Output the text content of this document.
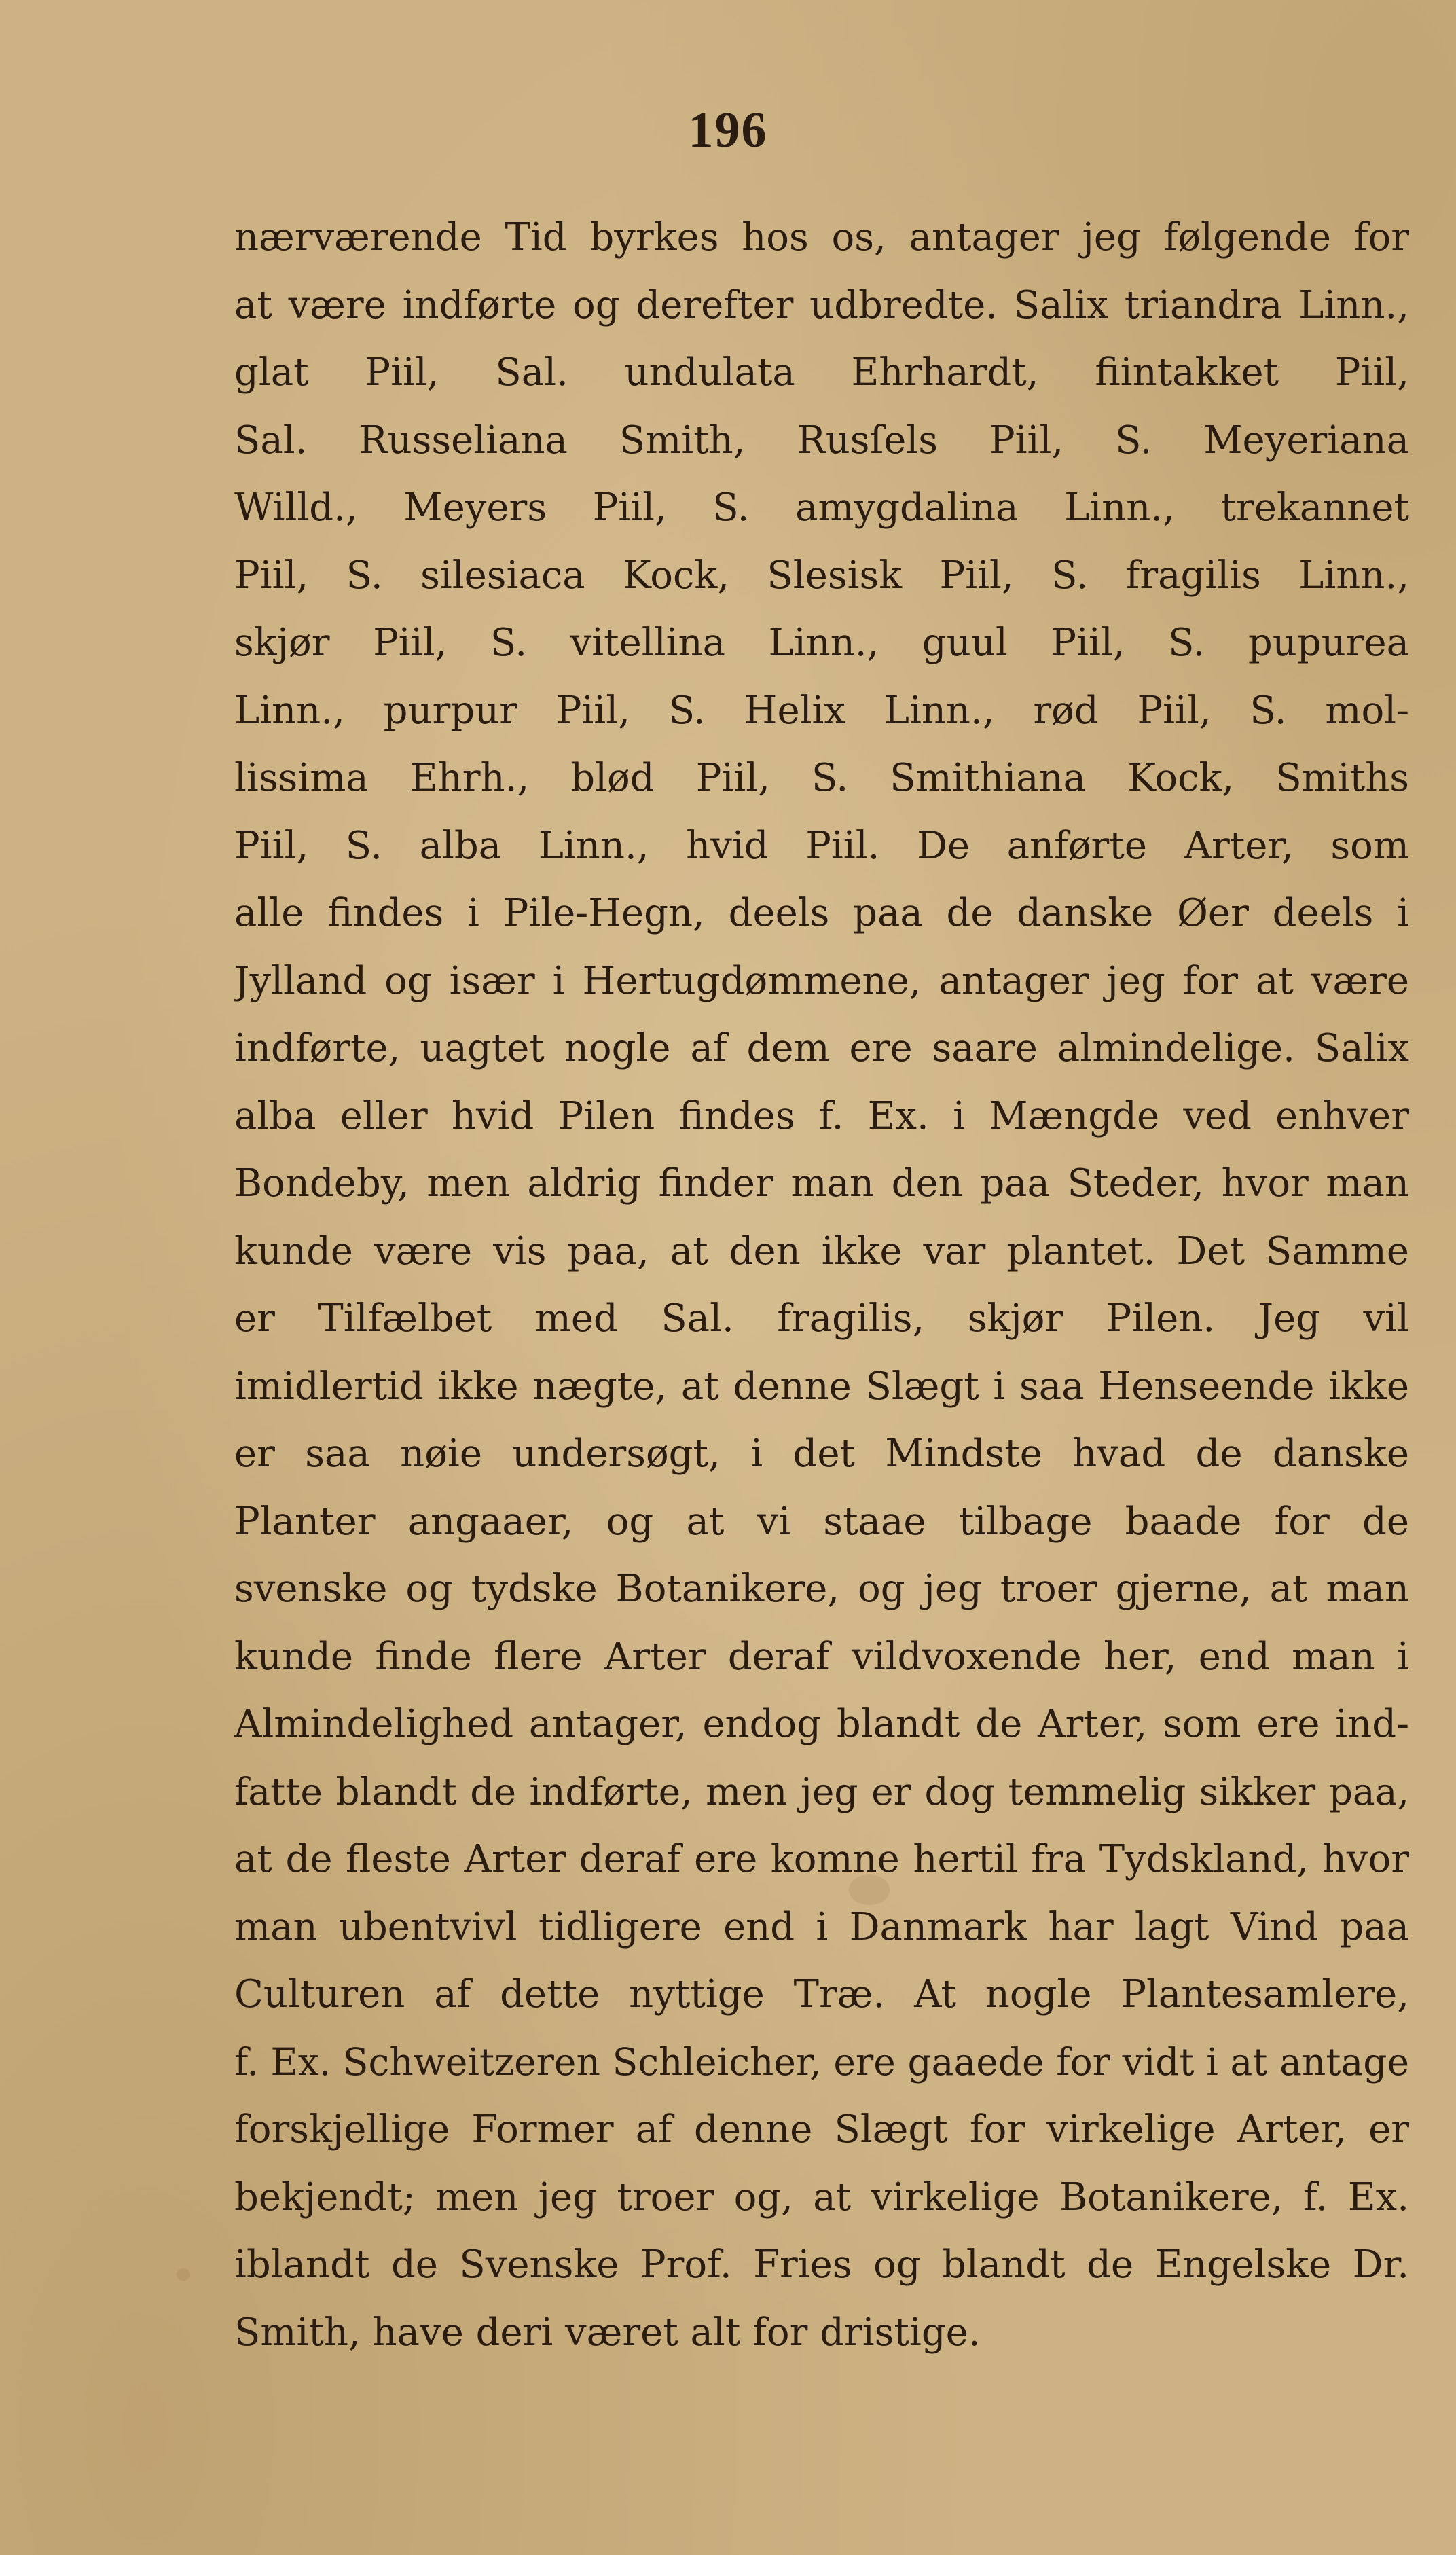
196
nærværende Tid byrkes hos os, antager jeg følgende for
at være indførte og derefter udbredte. Salix triandra Linn.,
glat Piil, Sal. undulata Ehrhardt, fiintakket Piil,
Sal. Russeliana Smith, Rusſels Piil, S. Meyeriana
Willd., Meyers Piil, S. amygdalina Linn., trekannet
Piil, S. silesiaca Kock, Slesisk Piil, S. fragilis Linn.,
skjør Piil, S. vitellina Linn., guul Piil, S. pupurea
Linn., purpur Piil, S. Helix Linn., rød Piil, S. mol-
lissima Ehrh., blød Piil, S. Smithiana Kock, Smiths
Piil, S. alba Linn., hvid Piil. De anførte Arter, som
alle findes i Pile-Hegn, deels paa de danske Øer deels i
Jylland og især i Hertugdømmene, antager jeg for at være
indførte, uagtet nogle af dem ere saare almindelige. Salix
alba eller hvid Pilen findes f. Ex. i Mængde ved enhver
Bondeby, men aldrig finder man den paa Steder, hvor man
kunde være vis paa, at den ikke var plantet. Det Samme
er Tilfælbet med Sal. fragilis, skjør Pilen. Jeg vil
imidlertid ikke nægte, at denne Slægt i saa Henseende ikke
er saa nøie undersøgt, i det Mindste hvad de danske
Planter angaaer, og at vi staae tilbage baade for de
svenske og tydske Botanikere, og jeg troer gjerne, at man
kunde finde flere Arter deraf vildvoxende her, end man i
Almindelighed antager, endog blandt de Arter, som ere ind-
fatte blandt de indførte, men jeg er dog temmelig sikker paa,
at de fleste Arter deraf ere komne hertil fra Tydskland, hvor
man ubentvivl tidligere end i Danmark har lagt Vind paa
Culturen af dette nyttige Træ. At nogle Plantesamlere,
f. Ex. Schweitzeren Schleicher, ere gaaede for vidt i at antage
forskjellige Former af denne Slægt for virkelige Arter, er
bekjendt; men jeg troer og, at virkelige Botanikere, f. Ex.
iblandt de Svenske Prof. Fries og blandt de Engelske Dr.
Smith, have deri været alt for dristige.
